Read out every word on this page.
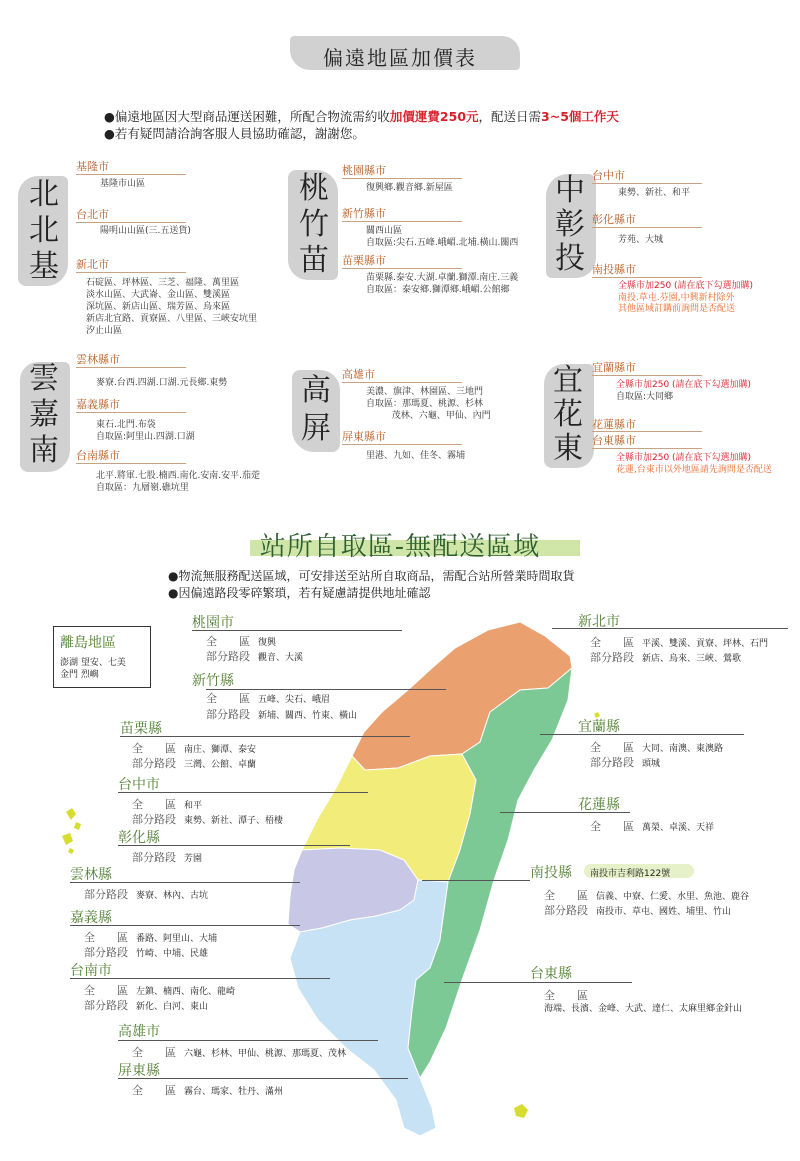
偏遠地區加價表
●偏遠地區因大型商品運送困難，所配合物流需約收加價運費250元，配送日需3~5個工作天
●若有疑問請洽詢客服人員協助確認，謝謝您。
北
北
基
基隆市
基隆市山區
台北市
陽明山山區(三.五送貨)
新北市
石碇區、坪林區、三芝、福隆、萬里區
淡水山區、大武崙、金山區、雙溪區
深坑區、新店山區、瑞芳區、烏來區
新店北宜路、貢寮區、八里區、三峽安坑里
汐止山區
桃
竹
苗
桃園縣市
復興鄉.觀音鄉.新屋區
新竹縣市
關西山區
自取區:尖石.五峰.峨嵋.北埔.橫山.關西
苗栗縣市
苗栗縣.泰安.大湖.卓蘭.獅潭.南庄.三義
自取區：泰安鄉.獅潭鄉.峨嵋.公館鄉
中
彰
投
台中市
東勢、新社、和平
彰化縣市
芳苑、大城
南投縣市
全縣市加250 (請在底下勾選加購)
南投.草屯.芬園,中興新村除外
其他區域訂購前詢問是否配送
雲
嘉
南
雲林縣市
麥寮.台西.四湖.口湖.元長鄉.東勢
嘉義縣市
東石.北門.布袋
自取區:阿里山.四湖.口湖
台南縣市
北平.將軍.七股.楠西.南化.安南.安平.茄萣
自取區：九層嶺.礁坑里
高
屏
高雄市
美濃、旗津、林園區、三地門
自取區：那瑪夏、桃源、杉林
茂林、六龜、甲仙、內門
屏東縣市
里港、九如、佳冬、霧埔
宜
花
東
宜蘭縣市
全縣市加250 (請在底下勾選加購)
自取區:大同鄉
花蓮縣市
台東縣市
全縣市加250 (請在底下勾選加購)
花蓮,台東市以外地區請先詢問是否配送
站所自取區-無配送區域
●物流無服務配送區域，可安排送至站所自取商品，需配合站所營業時間取貨
●因偏遠路段零碎繁瑣，若有疑慮請提供地址確認
離島地區
澎湖 望安、七美
金門 烈嶼
桃園市
全　　區 復興
部分路段 觀音、大溪
新竹縣
全　　區 五峰、尖石、峨眉
部分路段 新埔、關西、竹東、橫山
苗栗縣
全　　區 南庄、獅潭、泰安
部分路段 三灣、公館、卓蘭
台中市
全　　區 和平
部分路段 東勢、新社、潭子、梧棲
彰化縣
部分路段 芳園
雲林縣
部分路段 麥寮、林內、古坑
嘉義縣
全　　區 番路、阿里山、大埔
部分路段 竹崎、中埔、民雄
台南市
全　　區 左鎮、楠西、南化、龍崎
部分路段 新化、白河、東山
高雄市
全　　區 六龜、杉林、甲仙、桃源、那瑪夏、茂林
屏東縣
全　　區 霧台、瑪家、牡丹、滿州
新北市
全　　區 平溪、雙溪、貢寮、坪林、石門
部分路段 新店、烏來、三峽、鶯歌
宜蘭縣
全　　區 大同、南澳、東澳路
部分路段 頭城
花蓮縣
全　　區 萬榮、卓溪、天祥
南投縣 南投市吉利路122號
全　　區 信義、中寮、仁愛、水里、魚池、鹿谷
部分路段 南投市、草屯、國姓、埔里、竹山
台東縣
全　　區
海端、長濱、金峰、大武、達仁、太麻里鄉金針山
